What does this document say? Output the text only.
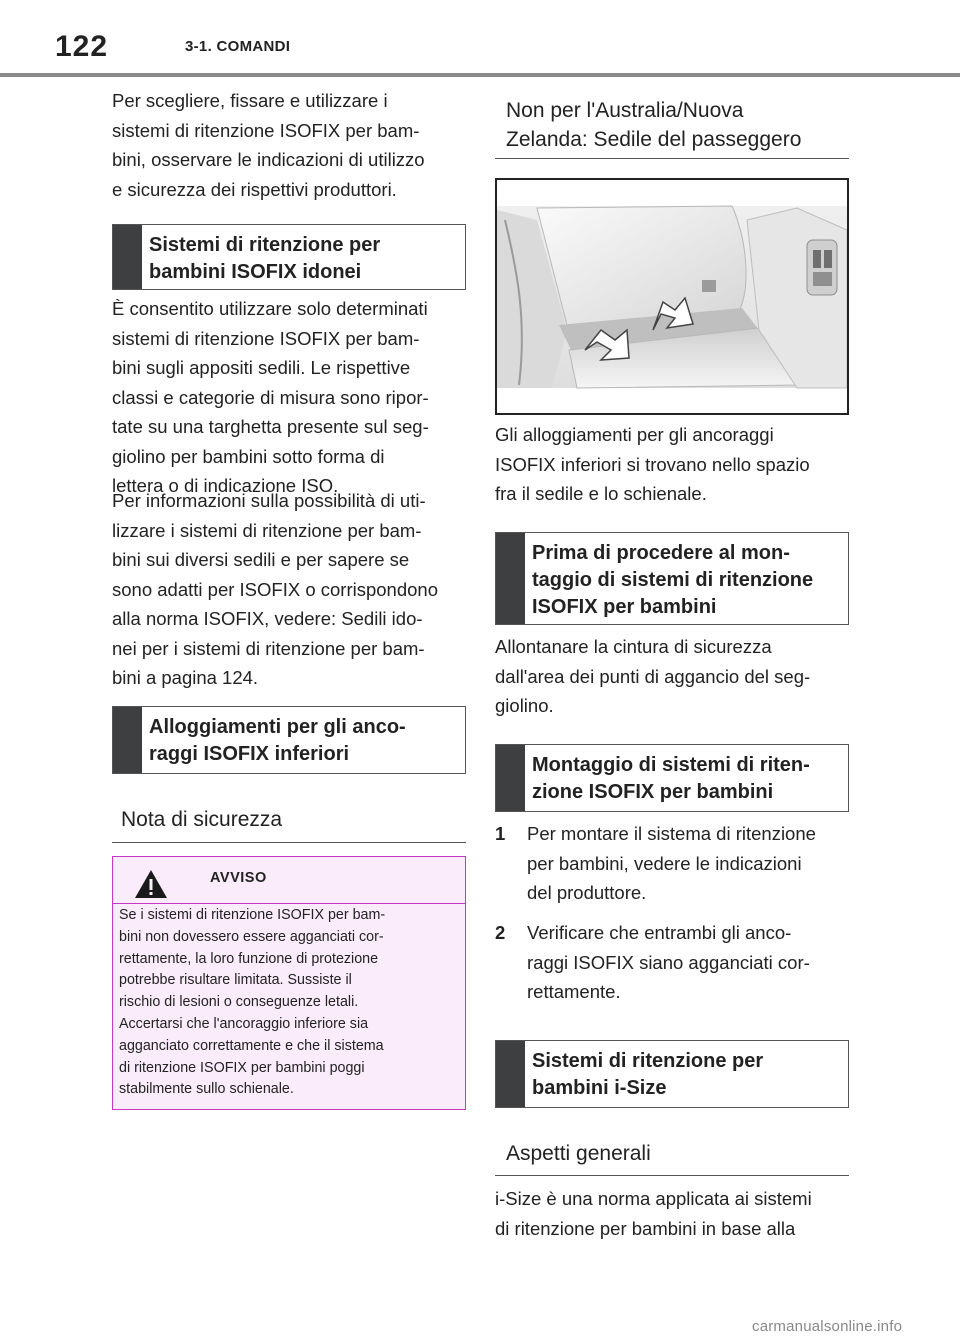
122	3-1. COMANDI
Per scegliere, fissare e utilizzare i
sistemi di ritenzione ISOFIX per bam-
bini, osservare le indicazioni di utilizzo
e sicurezza dei rispettivi produttori.
Sistemi di ritenzione per
bambini ISOFIX idonei
È consentito utilizzare solo determinati
sistemi di ritenzione ISOFIX per bam-
bini sugli appositi sedili. Le rispettive
classi e categorie di misura sono ripor-
tate su una targhetta presente sul seg-
giolino per bambini sotto forma di
lettera o di indicazione ISO.
Per informazioni sulla possibilità di uti-
lizzare i sistemi di ritenzione per bam-
bini sui diversi sedili e per sapere se
sono adatti per ISOFIX o corrispondono
alla norma ISOFIX, vedere: Sedili ido-
nei per i sistemi di ritenzione per bam-
bini a pagina 124.
Alloggiamenti per gli anco-
raggi ISOFIX inferiori
Nota di sicurezza
AVVISO
Se i sistemi di ritenzione ISOFIX per bam-
bini non dovessero essere agganciati cor-
rettamente, la loro funzione di protezione
potrebbe risultare limitata. Sussiste il
rischio di lesioni o conseguenze letali.
Accertarsi che l'ancoraggio inferiore sia
agganciato correttamente e che il sistema
di ritenzione ISOFIX per bambini poggi
stabilmente sullo schienale.
Non per l'Australia/Nuova
Zelanda: Sedile del passeggero
Gli alloggiamenti per gli ancoraggi
ISOFIX inferiori si trovano nello spazio
fra il sedile e lo schienale.
Prima di procedere al mon-
taggio di sistemi di ritenzione
ISOFIX per bambini
Allontanare la cintura di sicurezza
dall'area dei punti di aggancio del seg-
giolino.
Montaggio di sistemi di riten-
zione ISOFIX per bambini
1 Per montare il sistema di ritenzione
per bambini, vedere le indicazioni
del produttore.
2 Verificare che entrambi gli anco-
raggi ISOFIX siano agganciati cor-
rettamente.
Sistemi di ritenzione per
bambini i-Size
Aspetti generali
i-Size è una norma applicata ai sistemi
di ritenzione per bambini in base alla
carmanualsonline.info
